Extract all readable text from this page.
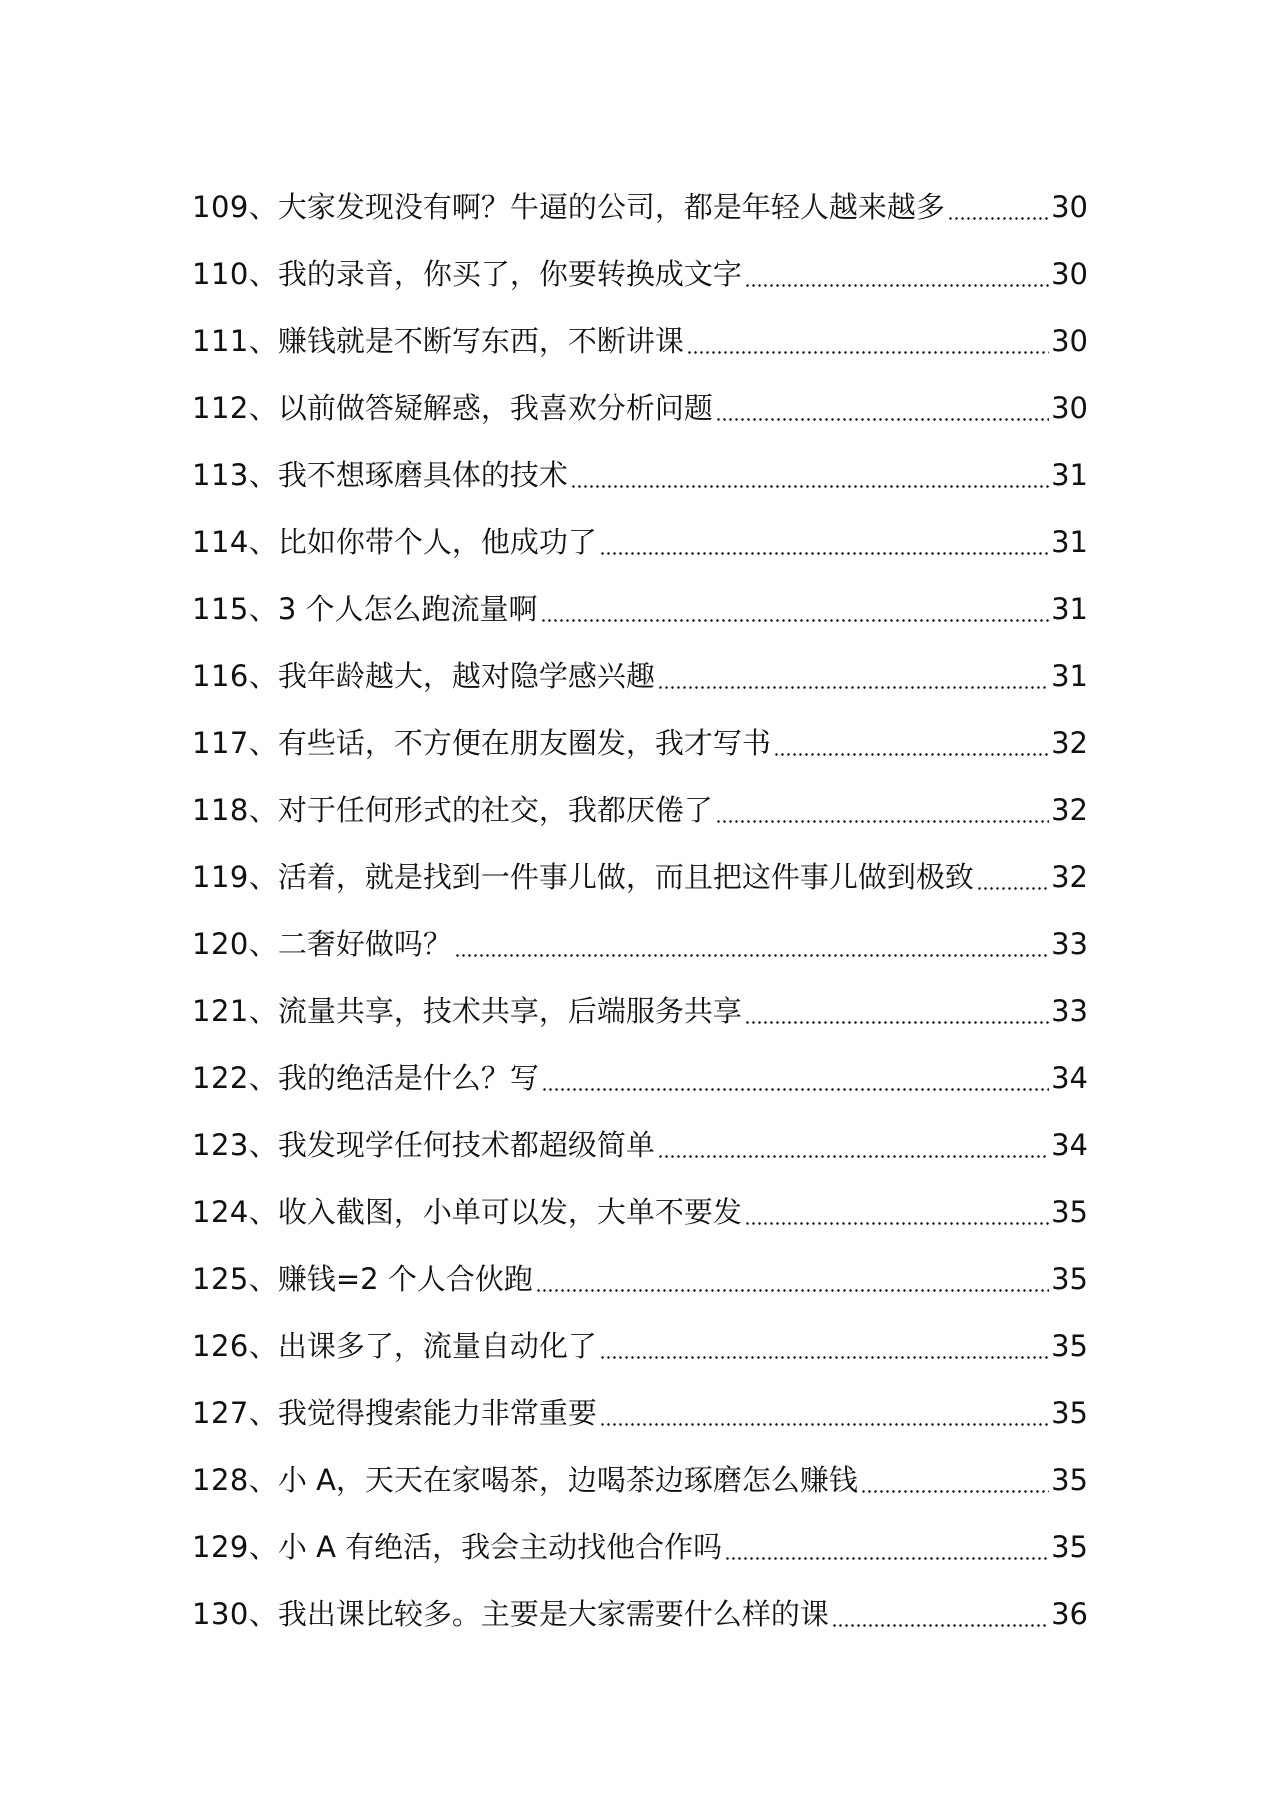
109、大家发现没有啊？牛逼的公司，都是年轻人越来越多	30
110、我的录音，你买了，你要转换成文字	30
111、赚钱就是不断写东西，不断讲课	30
112、以前做答疑解惑，我喜欢分析问题	30
113、我不想琢磨具体的技术	31
114、比如你带个人，他成功了	31
115、3 个人怎么跑流量啊	31
116、我年龄越大，越对隐学感兴趣	31
117、有些话，不方便在朋友圈发，我才写书	32
118、对于任何形式的社交，我都厌倦了	32
119、活着，就是找到一件事儿做，而且把这件事儿做到极致	32
120、二奢好做吗？	33
121、流量共享，技术共享，后端服务共享	33
122、我的绝活是什么？写	34
123、我发现学任何技术都超级简单	34
124、收入截图，小单可以发，大单不要发	35
125、赚钱=2 个人合伙跑	35
126、出课多了，流量自动化了	35
127、我觉得搜索能力非常重要	35
128、小 A，天天在家喝茶，边喝茶边琢磨怎么赚钱	35
129、小 A 有绝活，我会主动找他合作吗	35
130、我出课比较多。主要是大家需要什么样的课	36
